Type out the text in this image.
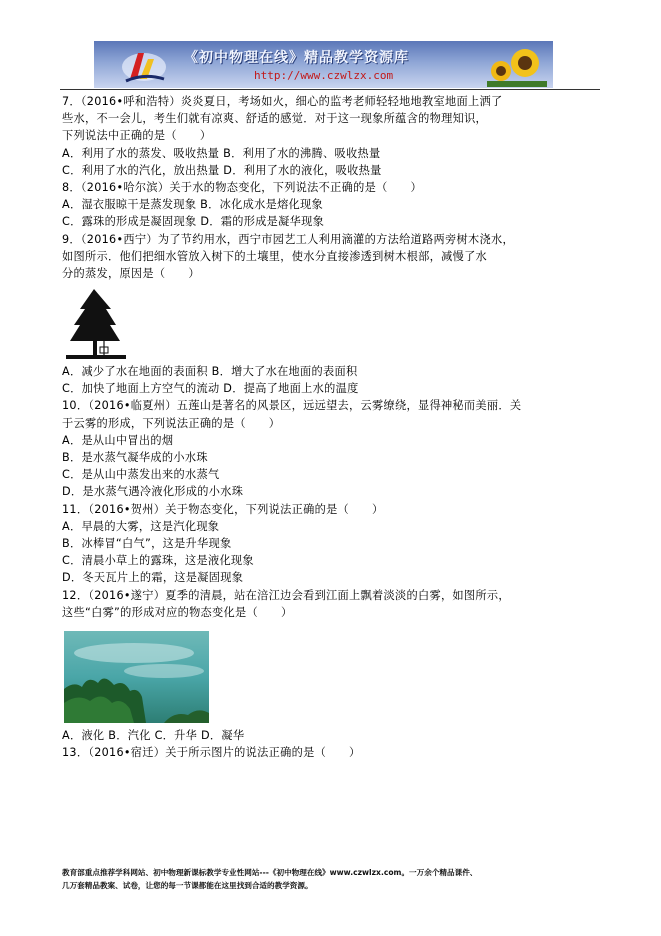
《初中物理在线》精品教学资源库
http://www.czwlzx.com
7．（2016•呼和浩特）炎炎夏日，考场如火，细心的监考老师轻轻地地教室地面上洒了
些水，不一会儿，考生们就有凉爽、舒适的感觉．对于这一现象所蕴含的物理知识，
下列说法中正确的是（　　）
A．利用了水的蒸发、吸收热量 B．利用了水的沸腾、吸收热量
C．利用了水的汽化，放出热量 D．利用了水的液化，吸收热量
8．（2016•哈尔滨）关于水的物态变化，下列说法不正确的是（　　）
A．湿衣服晾干是蒸发现象 B．冰化成水是熔化现象
C．露珠的形成是凝固现象 D．霜的形成是凝华现象
9．（2016•西宁）为了节约用水，西宁市园艺工人利用滴灌的方法给道路两旁树木浇水，
如图所示．他们把细水管放入树下的土壤里，使水分直接渗透到树木根部，减慢了水
分的蒸发，原因是（　　）
A．减少了水在地面的表面积 B．增大了水在地面的表面积
C．加快了地面上方空气的流动 D．提高了地面上水的温度
10．（2016•临夏州）五莲山是著名的风景区，远远望去，云雾缭绕，显得神秘而美丽．关
于云雾的形成，下列说法正确的是（　　）
A．是从山中冒出的烟
B．是水蒸气凝华成的小水珠
C．是从山中蒸发出来的水蒸气
D．是水蒸气遇冷液化形成的小水珠
11．（2016•贺州）关于物态变化，下列说法正确的是（　　）
A．早晨的大雾，这是汽化现象
B．冰棒冒“白气”，这是升华现象
C．清晨小草上的露珠，这是液化现象
D．冬天瓦片上的霜，这是凝固现象
12．（2016•遂宁）夏季的清晨，站在涪江边会看到江面上飘着淡淡的白雾，如图所示，
这些“白雾”的形成对应的物态变化是（　　）
A．液化 B．汽化 C．升华 D．凝华
13．（2016•宿迁）关于所示图片的说法正确的是（　　）
教育部重点推荐学科网站、初中物理新课标教学专业性网站---《初中物理在线》www.czwlzx.com。一万余个精品课件、
几万套精品教案、试卷，让您的每一节课都能在这里找到合适的教学资源。
